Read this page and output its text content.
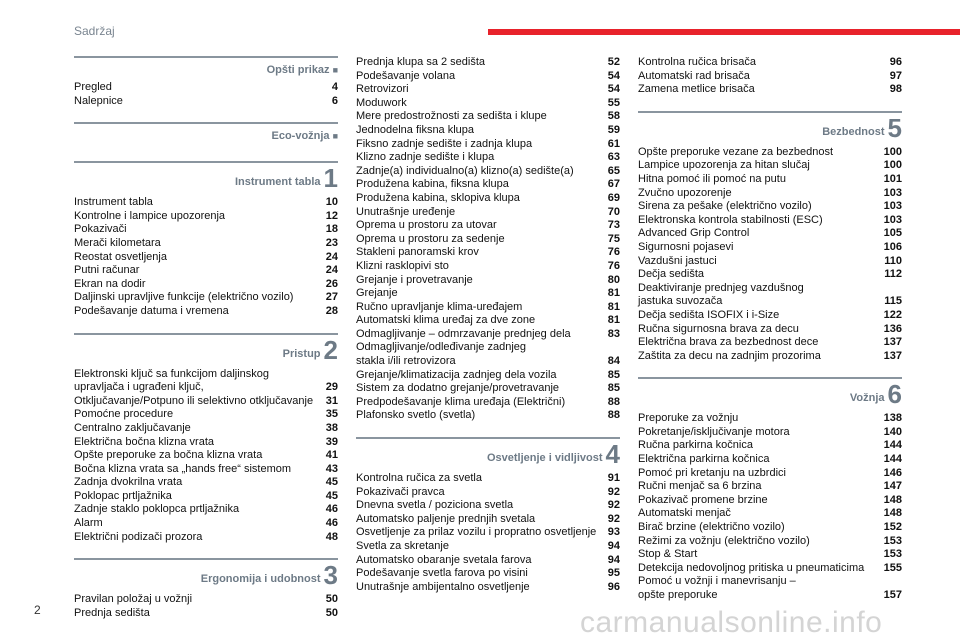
Sadržaj
Opšti prikaz ■
Pregled	4
Nalepnice	6
Eco-vožnja ■
Instrument tabla 1
Instrument tabla	10
Kontrolne i lampice upozorenja	12
Pokazivači	18
Merači kilometara	23
Reostat osvetljenja	24
Putni računar	24
Ekran na dodir	26
Daljinski upravljive funkcije (električno vozilo)	27
Podešavanje datuma i vremena	28
Pristup 2
Elektronski ključ sa funkcijom daljinskog
upravljača i ugrađeni ključ,	29
Otključavanje/Potpuno ili selektivno otključavanje	31
Pomoćne procedure	35
Centralno zaključavanje	38
Električna bočna klizna vrata	39
Opšte preporuke za bočna klizna vrata	41
Bočna klizna vrata sa „hands free“ sistemom	43
Zadnja dvokrilna vrata	45
Poklopac prtljažnika	45
Zadnje staklo poklopca prtljažnika	46
Alarm	46
Električni podizači prozora	48
Ergonomija i udobnost 3
Pravilan položaj u vožnji	50
Prednja sedišta	50
Prednja klupa sa 2 sedišta	52
Podešavanje volana	54
Retrovizori	54
Moduwork	55
Mere predostrožnosti za sedišta i klupe	58
Jednodelna fiksna klupa	59
Fiksno zadnje sedište i zadnja klupa	61
Klizno zadnje sedište i klupa	63
Zadnje(a) individualno(a) klizno(a) sedište(a)	65
Produžena kabina, fiksna klupa	67
Produžena kabina, sklopiva klupa	69
Unutrašnje uređenje	70
Oprema u prostoru za utovar	73
Oprema u prostoru za sedenje	75
Stakleni panoramski krov	76
Klizni rasklopivi sto	76
Grejanje i provetravanje	80
Grejanje	81
Ručno upravljanje klima-uređajem	81
Automatski klima uređaj za dve zone	81
Odmagljivanje – odmrzavanje prednjeg dela	83
Odmagljivanje/odleđivanje zadnjeg
stakla i/ili retrovizora	84
Grejanje/klimatizacija zadnjeg dela vozila	85
Sistem za dodatno grejanje/provetravanje	85
Predpodešavanje klima uređaja (Električni)	88
Plafonsko svetlo (svetla)	88
Osvetljenje i vidljivost 4
Kontrolna ručica za svetla	91
Pokazivači pravca	92
Dnevna svetla / poziciona svetla	92
Automatsko paljenje prednjih svetala	92
Osvetljenje za prilaz vozilu i propratno osvetljenje	93
Svetla za skretanje	94
Automatsko obaranje svetala farova	94
Podešavanje svetla farova po visini	95
Unutrašnje ambijentalno osvetljenje	96
Kontrolna ručica brisača	96
Automatski rad brisača	97
Zamena metlice brisača	98
Bezbednost 5
Opšte preporuke vezane za bezbednost	100
Lampice upozorenja za hitan slučaj	100
Hitna pomoć ili pomoć na putu	101
Zvučno upozorenje	103
Sirena za pešake (električno vozilo)	103
Elektronska kontrola stabilnosti (ESC)	103
Advanced Grip Control	105
Sigurnosni pojasevi	106
Vazdušni jastuci	110
Dečja sedišta	112
Deaktiviranje prednjeg vazdušnog
jastuka suvozača	115
Dečja sedišta ISOFIX i i-Size	122
Ručna sigurnosna brava za decu	136
Električna brava za bezbednost dece	137
Zaštita za decu na zadnjim prozorima	137
Vožnja 6
Preporuke za vožnju	138
Pokretanje/isključivanje motora	140
Ručna parkirna kočnica	144
Električna parkirna kočnica	144
Pomoć pri kretanju na uzbrdici	146
Ručni menjač sa 6 brzina	147
Pokazivač promene brzine	148
Automatski menjač	148
Birač brzine (električno vozilo)	152
Režimi za vožnju (električno vozilo)	153
Stop & Start	153
Detekcija nedovoljnog pritiska u pneumaticima	155
Pomoć u vožnji i manevrisanju –
opšte preporuke	157
2	carmanualsonline.info
